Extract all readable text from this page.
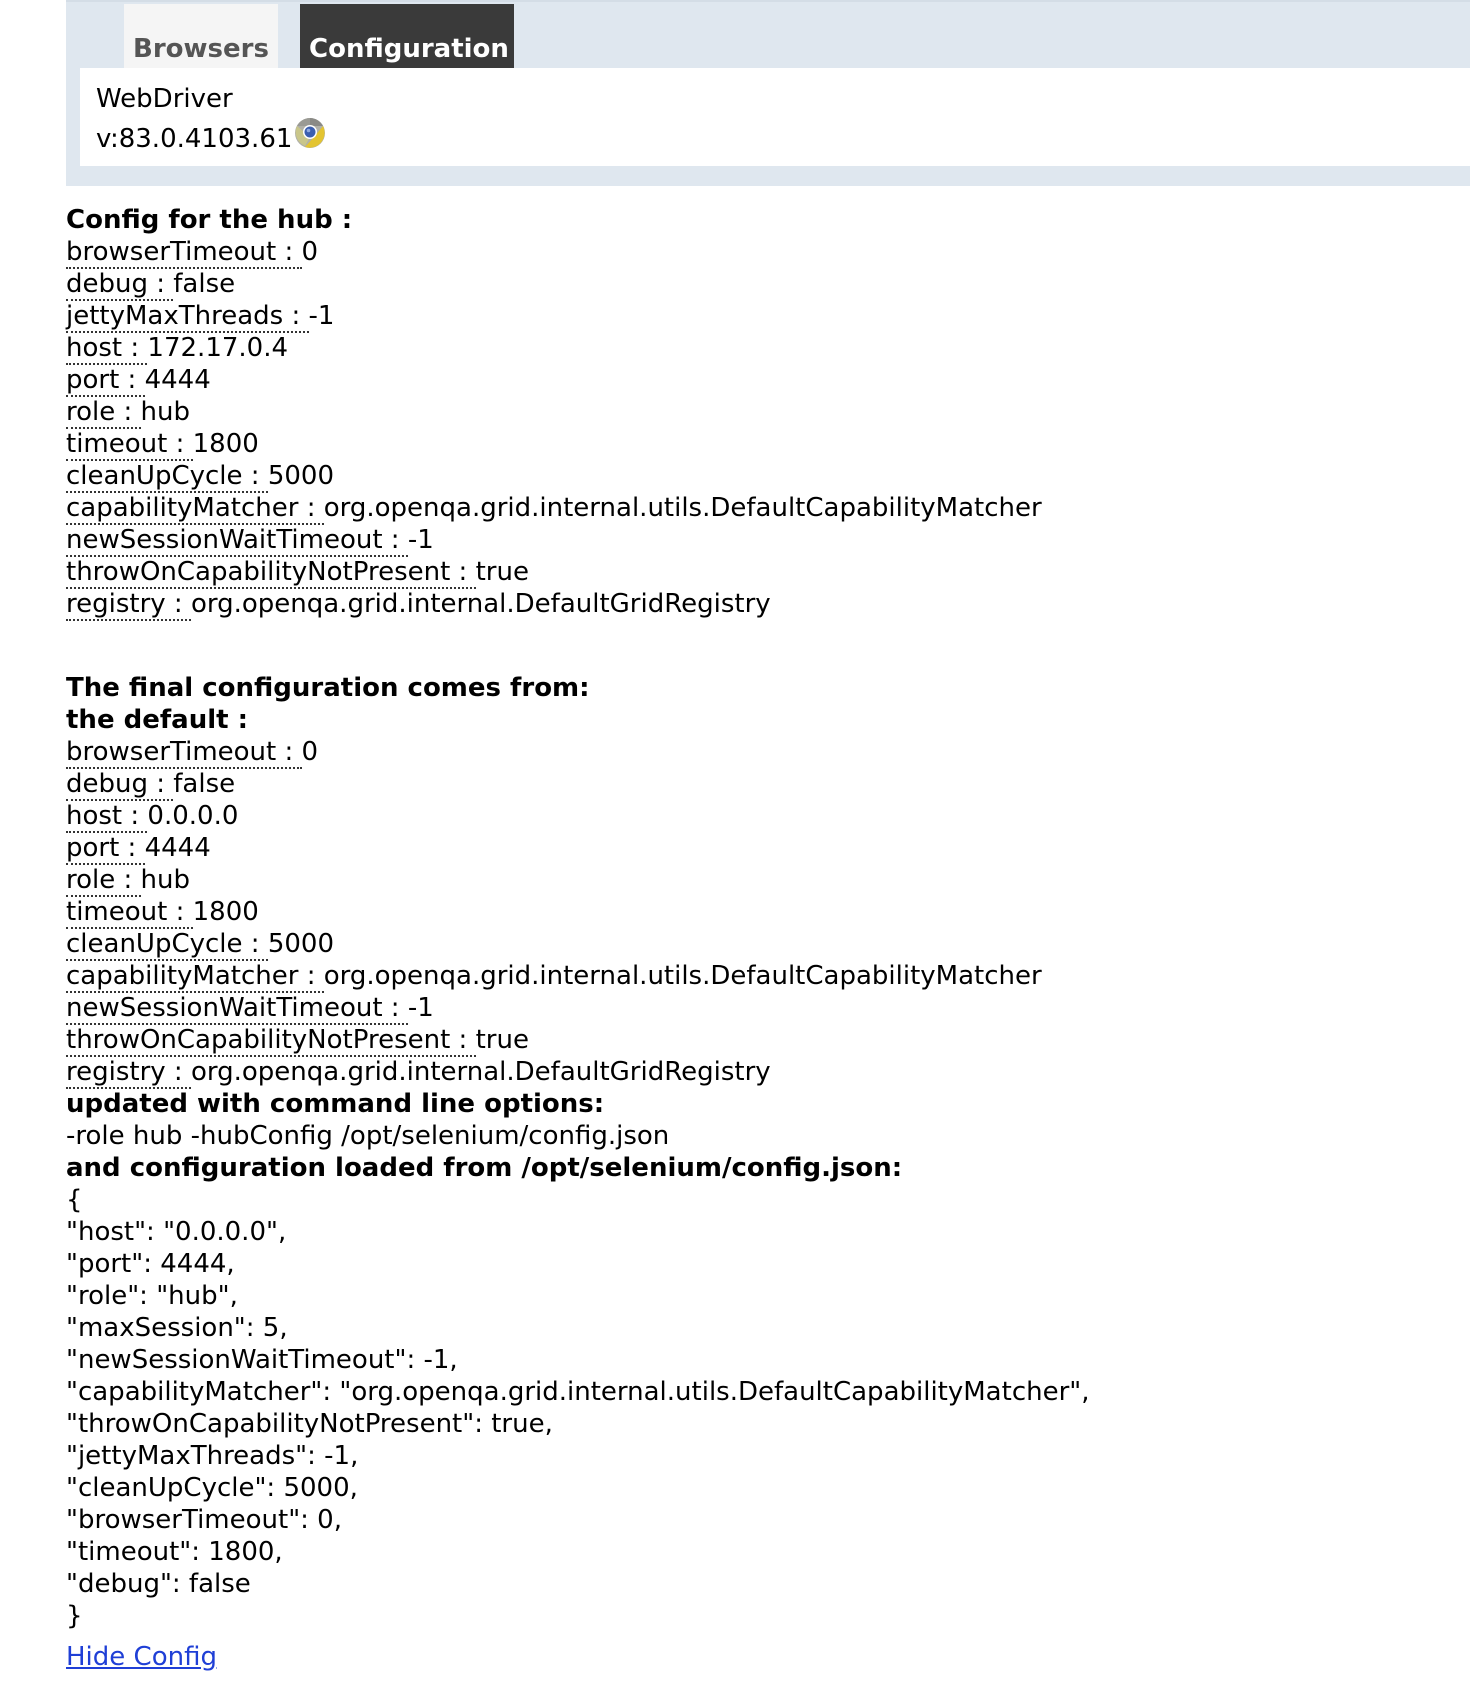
Browsers	Configuration
WebDriver
v:83.0.4103.61

Config for the hub :

browserTimeout : 0

debug : false

jettyMaxThreads : -1

host : 172.17.0.4

port : 4444

role : hub

timeout : 1800

cleanUpCycle : 5000

capabilityMatcher : org.openqa.grid.internal.utils.DefaultCapabilityMatcher

newSessionWaitTimeout : -1

throwOnCapabilityNotPresent : true

registry : org.openqa.grid.internal.DefaultGridRegistry

The final configuration comes from:

the default :

browserTimeout : 0

debug : false

host : 0.0.0.0

port : 4444

role : hub

timeout : 1800

cleanUpCycle : 5000

capabilityMatcher : org.openqa.grid.internal.utils.DefaultCapabilityMatcher

newSessionWaitTimeout : -1

throwOnCapabilityNotPresent : true

registry : org.openqa.grid.internal.DefaultGridRegistry

updated with command line options:

-role hub -hubConfig /opt/selenium/config.json

and configuration loaded from /opt/selenium/config.json:

{

"host": "0.0.0.0",

"port": 4444,

"role": "hub",

"maxSession": 5,

"newSessionWaitTimeout": -1,

"capabilityMatcher": "org.openqa.grid.internal.utils.DefaultCapabilityMatcher",

"throwOnCapabilityNotPresent": true,

"jettyMaxThreads": -1,

"cleanUpCycle": 5000,

"browserTimeout": 0,

"timeout": 1800,

"debug": false

}

Hide Config
